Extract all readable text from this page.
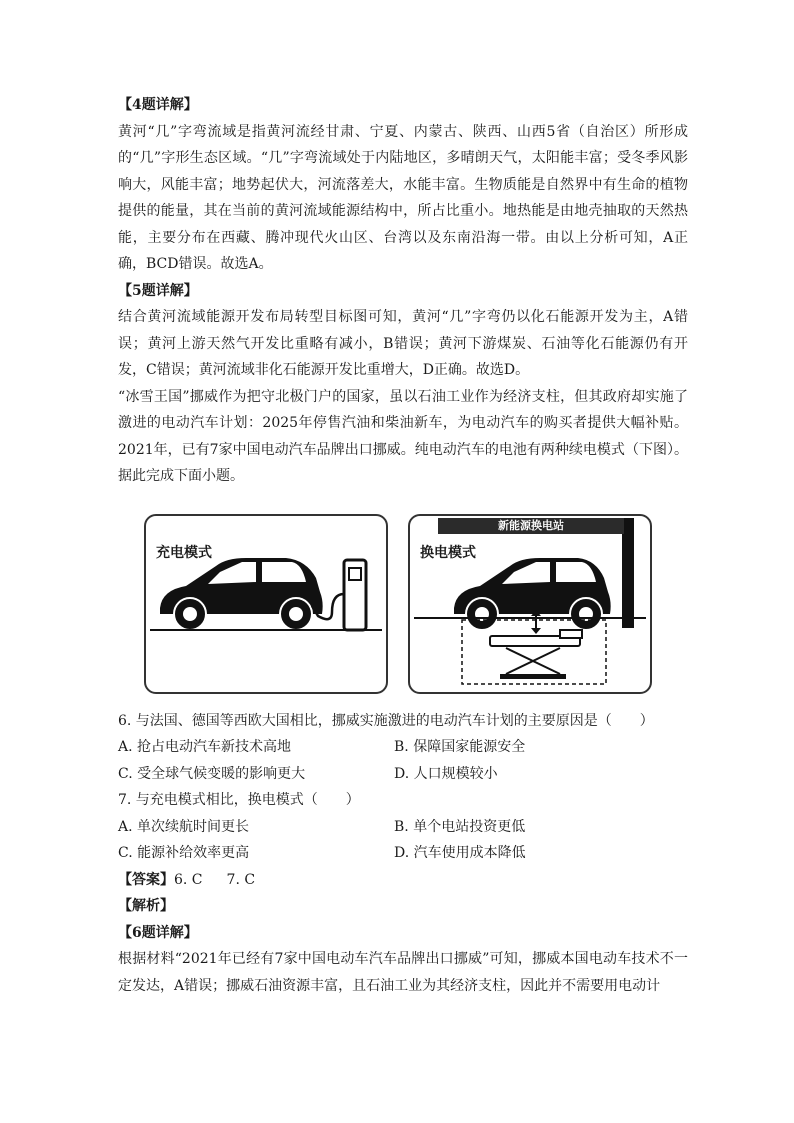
【4题详解】

黄河“几”字弯流域是指黄河流经甘肃、宁夏、内蒙古、陕西、山西5省（自治区）所形成的“几”字形生态区域。“几”字弯流域处于内陆地区，多晴朗天气，太阳能丰富；受冬季风影响大，风能丰富；地势起伏大，河流落差大，水能丰富。生物质能是自然界中有生命的植物提供的能量，其在当前的黄河流域能源结构中，所占比重小。地热能是由地壳抽取的天然热能，主要分布在西藏、腾冲现代火山区、台湾以及东南沿海一带。由以上分析可知，A正确，BCD错误。故选A。

【5题详解】

结合黄河流域能源开发布局转型目标图可知，黄河“几”字弯仍以化石能源开发为主，A错误；黄河上游天然气开发比重略有减小，B错误；黄河下游煤炭、石油等化石能源仍有开发，C错误；黄河流域非化石能源开发比重增大，D正确。故选D。

“冰雪王国”挪威作为把守北极门户的国家，虽以石油工业作为经济支柱，但其政府却实施了激进的电动汽车计划：2025年停售汽油和柴油新车，为电动汽车的购买者提供大幅补贴。2021年，已有7家中国电动汽车品牌出口挪威。纯电动汽车的电池有两种续电模式（下图）。据此完成下面小题。

充电模式
新能源换电站
换电模式

6. 与法国、德国等西欧大国相比，挪威实施激进的电动汽车计划的主要原因是（　　）

A. 抢占电动汽车新技术高地	B. 保障国家能源安全
C. 受全球气候变暖的影响更大	D. 人口规模较小

7. 与充电模式相比，换电模式（　　）

A. 单次续航时间更长	B. 单个电站投资更低
C. 能源补给效率更高	D. 汽车使用成本降低

【答案】6. C 7. C

【解析】

【6题详解】

根据材料“2021年已经有7家中国电动车汽车品牌出口挪威”可知，挪威本国电动车技术不一定发达，A错误；挪威石油资源丰富，且石油工业为其经济支柱，因此并不需要用电动计
